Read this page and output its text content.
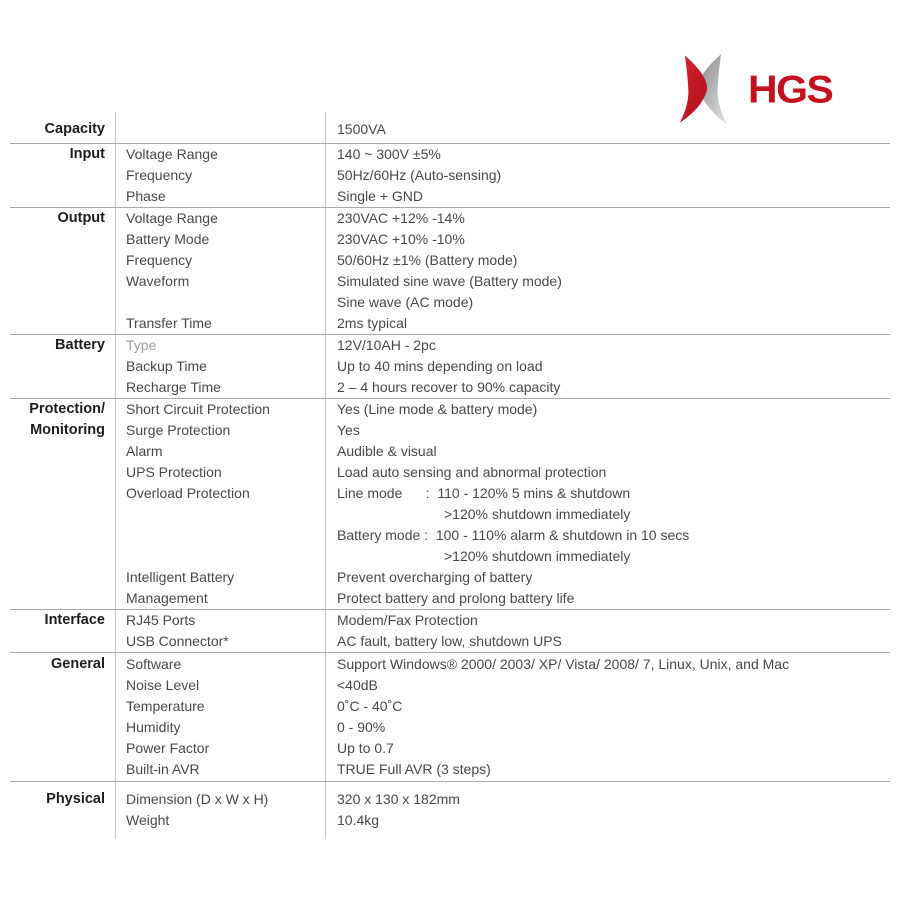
HGS
Capacity	1500VA
Input	Voltage Range	140 ~ 300V ±5%
Frequency	50Hz/60Hz (Auto-sensing)
Phase	Single + GND
Output	Voltage Range	230VAC +12% -14%
Battery Mode	230VAC +10% -10%
Frequency	50/60Hz ±1% (Battery mode)
Waveform	Simulated sine wave (Battery mode)
Sine wave (AC mode)
Transfer Time	2ms typical
Battery	Type	12V/10AH - 2pc
Backup Time	Up to 40 mins depending on load
Recharge Time	2 – 4 hours recover to 90% capacity
Protection/ Monitoring
Short Circuit Protection	Yes (Line mode & battery mode)
Surge Protection	Yes
Alarm	Audible & visual
UPS Protection	Load auto sensing and abnormal protection
Overload Protection	Line mode      :  110 - 120% 5 mins & shutdown
>120% shutdown immediately
Battery mode :  100 - 110% alarm & shutdown in 10 secs
>120% shutdown immediately
Intelligent Battery	Prevent overcharging of battery
Management	Protect battery and prolong battery life
Interface	RJ45 Ports	Modem/Fax Protection
USB Connector*	AC fault, battery low, shutdown UPS
General	Software	Support Windows® 2000/ 2003/ XP/ Vista/ 2008/ 7, Linux, Unix, and Mac
Noise Level	<40dB
Temperature	0˚C - 40˚C
Humidity	0 - 90%
Power Factor	Up to 0.7
Built-in AVR	TRUE Full AVR (3 steps)
Physical	Dimension (D x W x H)	320 x 130 x 182mm
Weight	10.4kg
